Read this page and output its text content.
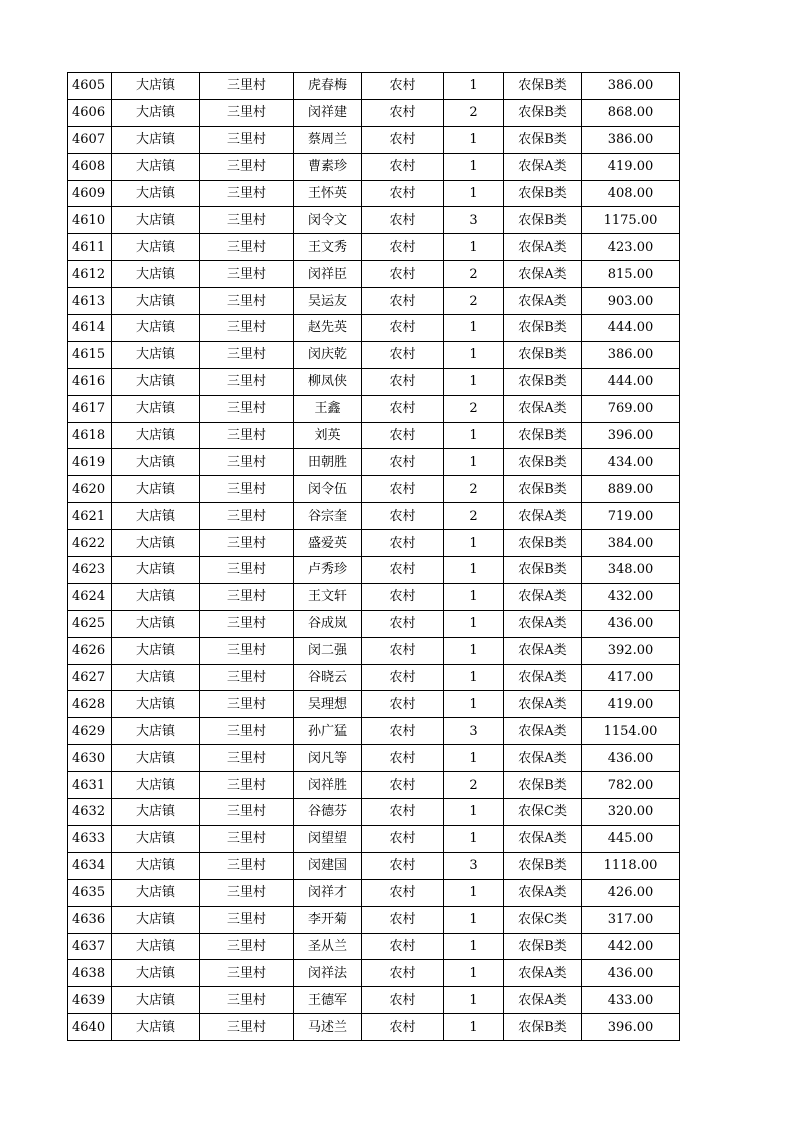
4605	大店镇	三里村	虎春梅	农村	1	农保B类	386.00
4606	大店镇	三里村	闵祥建	农村	2	农保B类	868.00
4607	大店镇	三里村	蔡周兰	农村	1	农保B类	386.00
4608	大店镇	三里村	曹素珍	农村	1	农保A类	419.00
4609	大店镇	三里村	王怀英	农村	1	农保B类	408.00
4610	大店镇	三里村	闵令文	农村	3	农保B类	1175.00
4611	大店镇	三里村	王文秀	农村	1	农保A类	423.00
4612	大店镇	三里村	闵祥臣	农村	2	农保A类	815.00
4613	大店镇	三里村	吴运友	农村	2	农保A类	903.00
4614	大店镇	三里村	赵先英	农村	1	农保B类	444.00
4615	大店镇	三里村	闵庆乾	农村	1	农保B类	386.00
4616	大店镇	三里村	柳凤侠	农村	1	农保B类	444.00
4617	大店镇	三里村	王鑫	农村	2	农保A类	769.00
4618	大店镇	三里村	刘英	农村	1	农保B类	396.00
4619	大店镇	三里村	田朝胜	农村	1	农保B类	434.00
4620	大店镇	三里村	闵令伍	农村	2	农保B类	889.00
4621	大店镇	三里村	谷宗奎	农村	2	农保A类	719.00
4622	大店镇	三里村	盛爱英	农村	1	农保B类	384.00
4623	大店镇	三里村	卢秀珍	农村	1	农保B类	348.00
4624	大店镇	三里村	王文轩	农村	1	农保A类	432.00
4625	大店镇	三里村	谷成岚	农村	1	农保A类	436.00
4626	大店镇	三里村	闵二强	农村	1	农保A类	392.00
4627	大店镇	三里村	谷晓云	农村	1	农保A类	417.00
4628	大店镇	三里村	吴理想	农村	1	农保A类	419.00
4629	大店镇	三里村	孙广猛	农村	3	农保A类	1154.00
4630	大店镇	三里村	闵凡等	农村	1	农保A类	436.00
4631	大店镇	三里村	闵祥胜	农村	2	农保B类	782.00
4632	大店镇	三里村	谷德芬	农村	1	农保C类	320.00
4633	大店镇	三里村	闵望望	农村	1	农保A类	445.00
4634	大店镇	三里村	闵建国	农村	3	农保B类	1118.00
4635	大店镇	三里村	闵祥才	农村	1	农保A类	426.00
4636	大店镇	三里村	李开菊	农村	1	农保C类	317.00
4637	大店镇	三里村	圣从兰	农村	1	农保B类	442.00
4638	大店镇	三里村	闵祥法	农村	1	农保A类	436.00
4639	大店镇	三里村	王德军	农村	1	农保A类	433.00
4640	大店镇	三里村	马述兰	农村	1	农保B类	396.00
